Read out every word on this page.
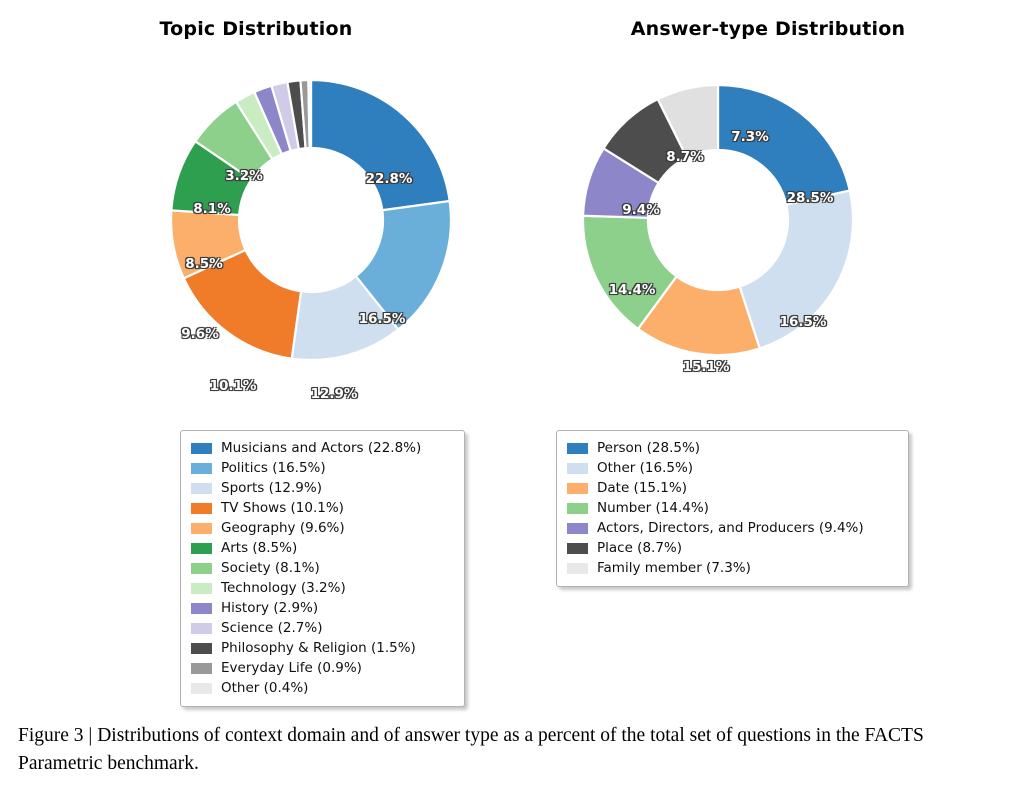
Topic Distribution
22.8%
16.5%
12.9%
10.1%
9.6%
8.5%
8.1%
3.2%
Musicians and Actors (22.8%)
Politics (16.5%)
Sports (12.9%)
TV Shows (10.1%)
Geography (9.6%)
Arts (8.5%)
Society (8.1%)
Technology (3.2%)
History (2.9%)
Science (2.7%)
Philosophy & Religion (1.5%)
Everyday Life (0.9%)
Other (0.4%)
Answer-type Distribution
28.5%
16.5%
15.1%
14.4%
9.4%
8.7%
7.3%
Person (28.5%)
Other (16.5%)
Date (15.1%)
Number (14.4%)
Actors, Directors, and Producers (9.4%)
Place (8.7%)
Family member (7.3%)
Figure 3 | Distributions of context domain and of answer type as a percent of the total set of questions in the FACTS Parametric benchmark.
